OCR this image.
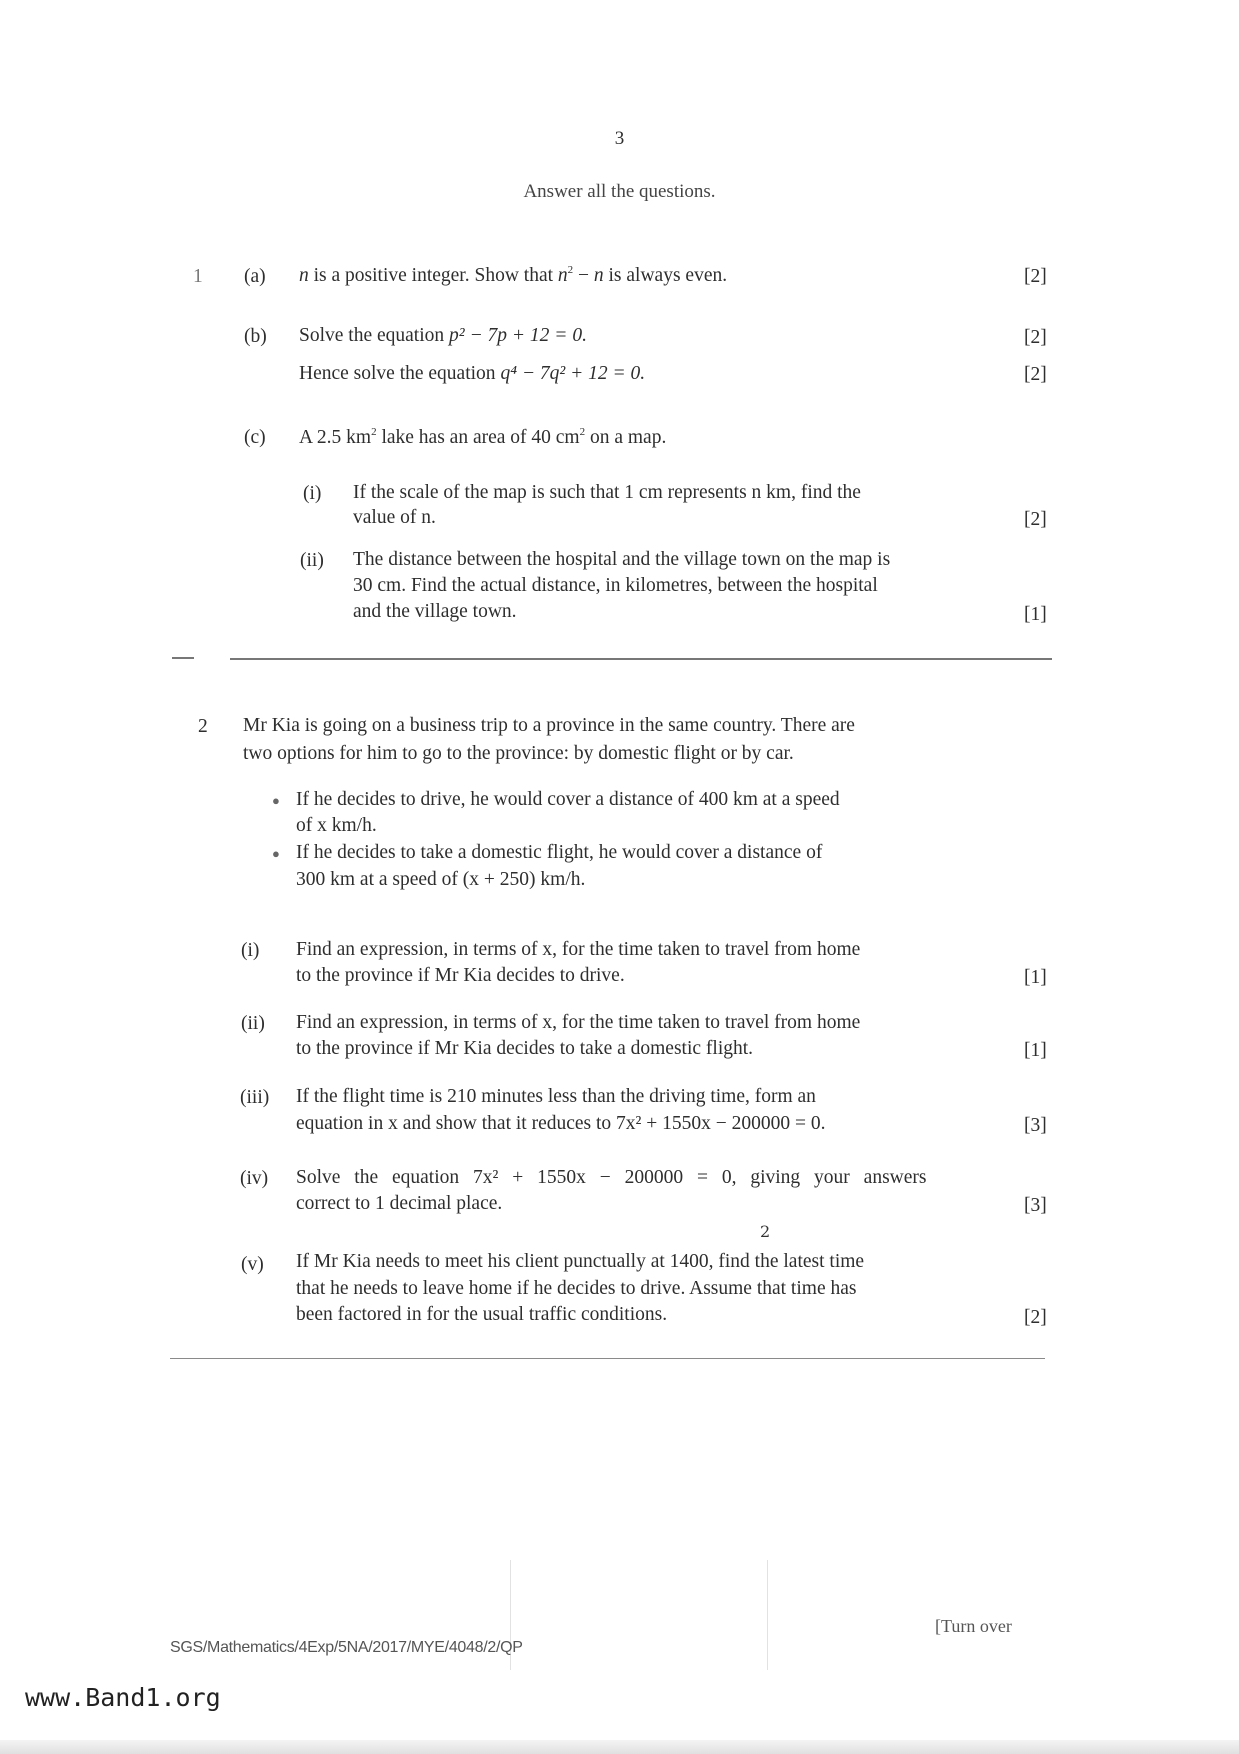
3
Answer all the questions.
1 (a) n is a positive integer. Show that $n^2 - n$ is always even.	[2]
(b) Solve the equation p² − 7p + 12 = 0.	[2]
Hence solve the equation q⁴ − 7q² + 12 = 0.	[2]
(c) A 2.5 $km^2$ lake has an area of 40 $cm^2$ on a map.
(i) If the scale of the map is such that 1 cm represents n km, find the
value of n.	[2]
(ii) The distance between the hospital and the village town on the map is
30 cm. Find the actual distance, in kilometres, between the hospital
and the village town.	[1]
2 Mr Kia is going on a business trip to a province in the same country. There are
two options for him to go to the province: by domestic flight or by car.
● If he decides to drive, he would cover a distance of 400 km at a speed
of x km/h.
● If he decides to take a domestic flight, he would cover a distance of
300 km at a speed of (x + 250) km/h.
(i) Find an expression, in terms of x, for the time taken to travel from home
to the province if Mr Kia decides to drive.	[1]
(ii) Find an expression, in terms of x, for the time taken to travel from home
to the province if Mr Kia decides to take a domestic flight.	[1]
(iii) If the flight time is 210 minutes less than the driving time, form an
equation in x and show that it reduces to 7x² + 1550x − 200000 = 0.	[3]
(iv) Solve the equation 7x² + 1550x − 200000 = 0, giving your answers
correct to 1 decimal place.	[3]
2
(v) If Mr Kia needs to meet his client punctually at 1400, find the latest time
that he needs to leave home if he decides to drive. Assume that time has
been factored in for the usual traffic conditions.	[2]
SGS/Mathematics/4Exp/5NA/2017/MYE/4048/2/QP
[Turn over
www.Band1.org
